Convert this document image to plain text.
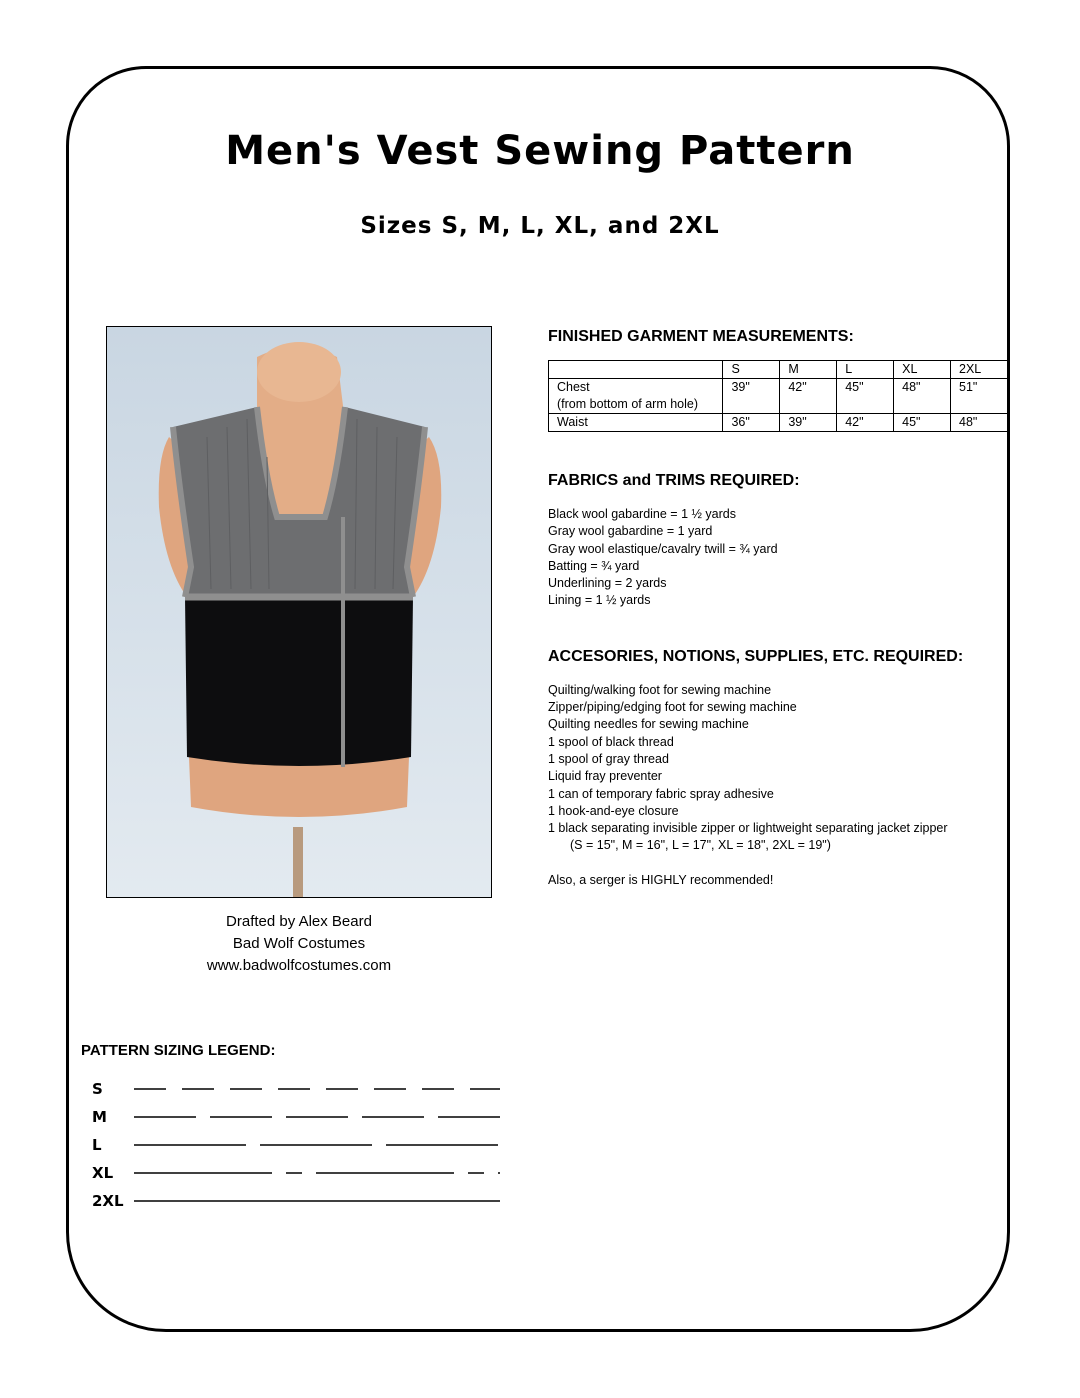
Men's Vest Sewing Pattern
Sizes S, M, L, XL, and 2XL
Drafted by Alex Beard
Bad Wolf Costumes
www.badwolfcostumes.com
FINISHED GARMENT MEASUREMENTS:
	S	M	L	XL	2XL

Chest
(from bottom of arm hole)	39"	42"	45"	48"	51"
Waist	36"	39"	42"	45"	48"
FABRICS and TRIMS REQUIRED:
Black wool gabardine = 1 ½ yards
Gray wool gabardine = 1 yard
Gray wool elastique/cavalry twill = ¾ yard
Batting = ¾ yard
Underlining = 2 yards
Lining = 1 ½ yards
ACCESORIES, NOTIONS, SUPPLIES, ETC. REQUIRED:
Quilting/walking foot for sewing machine
Zipper/piping/edging foot for sewing machine
Quilting needles for sewing machine
1 spool of black thread
1 spool of gray thread
Liquid fray preventer
1 can of temporary fabric spray adhesive
1 hook-and-eye closure
1 black separating invisible zipper or lightweight separating jacket zipper
(S = 15", M = 16", L = 17", XL = 18", 2XL = 19")
Also, a serger is HIGHLY recommended!
PATTERN SIZING LEGEND:
S
M
L
XL
2XL
